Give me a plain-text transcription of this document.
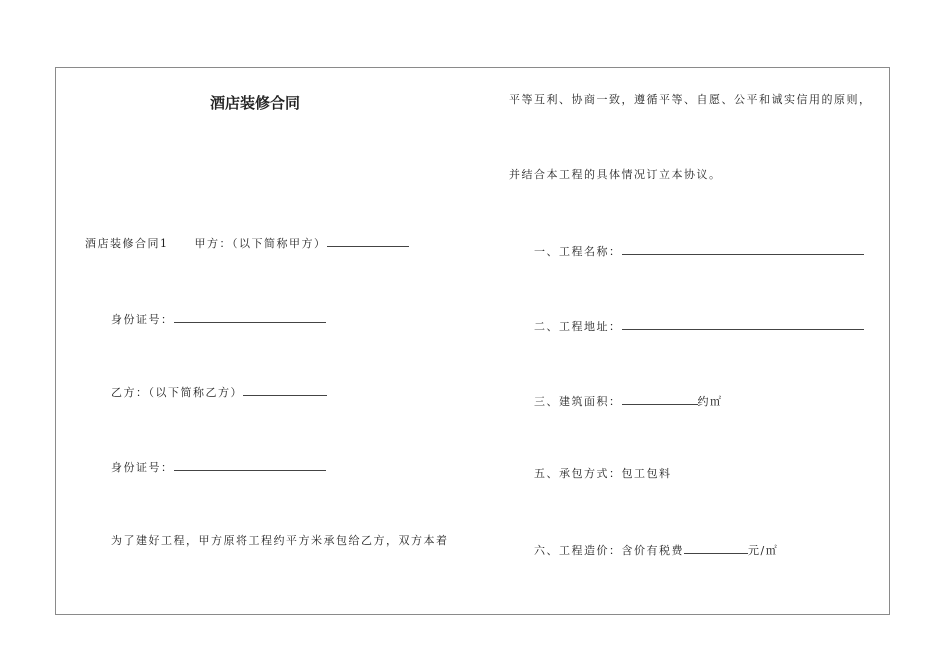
酒店装修合同
酒店装修合同1 甲方：（以下简称甲方）
身份证号：
乙方：（以下简称乙方）
身份证号：
为了建好工程，甲方原将工程约平方米承包给乙方，双方本着
平等互利、协商一致，遵循平等、自愿、公平和诚实信用的原则，
并结合本工程的具体情况订立本协议。
一、工程名称：
二、工程地址：
三、建筑面积：	约㎡
五、承包方式：包工包料
六、工程造价：含价有税费	元/㎡
